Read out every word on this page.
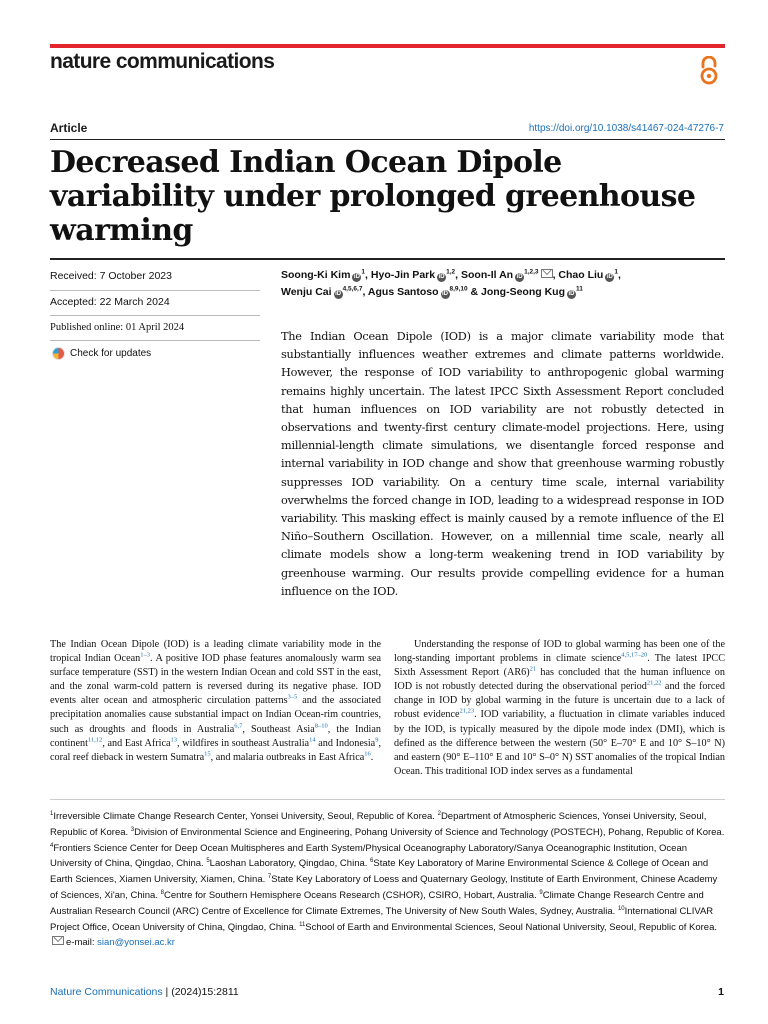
nature communications
Article	https://doi.org/10.1038/s41467-024-47276-7
Decreased Indian Ocean Dipole variability under prolonged greenhouse warming
Received: 7 October 2023
Accepted: 22 March 2024
Published online: 01 April 2024
Check for updates
Soong-Ki Kim $iD^1$, Hyo-Jin Park iD$^{1,2}$, Soon-Il An iD$^{1,2,3}$ , Chao Liu $iD^1$,
Wenju Cai iD$^{4,5,6,7}$, Agus Santoso iD$^{8,9,10}$ & Jong-Seong Kug $iD^{11}$

The Indian Ocean Dipole (IOD) is a major climate variability mode that substantially influences weather extremes and climate patterns worldwide. However, the response of IOD variability to anthropogenic global warming remains highly uncertain. The latest IPCC Sixth Assessment Report concluded that human influences on IOD variability are not robustly detected in observations and twenty-first century climate-model projections. Here, using millennial-length climate simulations, we disentangle forced response and internal variability in IOD change and show that greenhouse warming robustly suppresses IOD variability. On a century time scale, internal variability overwhelms the forced change in IOD, leading to a widespread response in IOD variability. This masking effect is mainly caused by a remote influence of the El Niño–Southern Oscillation. However, on a millennial time scale, nearly all climate models show a long-term weakening trend in IOD variability by greenhouse warming. Our results provide compelling evidence for a human influence on the IOD.

The Indian Ocean Dipole (IOD) is a leading climate variability mode in the tropical Indian Ocean$^{1-3}$. A positive IOD phase features anomalously warm sea surface temperature (SST) in the western Indian Ocean and cold SST in the east, and the zonal warm-cold pattern is reversed during its negative phase. IOD events alter ocean and atmospheric circulation patterns$^{3-5}$ and the associated precipitation anomalies cause substantial impact on Indian Ocean-rim countries, such as droughts and floods in Australia$^{6,7}$, Southeast Asia$^{8-10}$, the Indian continent$^{11,12}$, and East Africa$^{13}$, wildfires in southeast Australia$^{14}$ and Indonesia$^9$, coral reef dieback in western Sumatra$^{15}$, and malaria outbreaks in East Africa$^{16}$.

Understanding the response of IOD to global warming has been one of the long-standing important problems in climate science$^{4,5,17-20}$. The latest IPCC Sixth Assessment Report $(AR6)^{21}$ has concluded that the human influence on IOD is not robustly detected during the observational period$^{21,22}$ and the forced change in IOD by global warming in the future is uncertain due to a lack of robust evidence$^{21,23}$. IOD variability, a fluctuation in climate variables induced by the IOD, is typically measured by the dipole mode index (DMI), which is defined as the difference between the western (50° E–70° E and 10° S–10° N) and eastern (90° E–110° E and 10° S–0° N) SST anomalies of the tropical Indian Ocean. This traditional IOD index serves as a fundamental

$^1$Irreversible Climate Change Research Center, Yonsei University, Seoul, Republic of Korea. $^2$Department of Atmospheric Sciences, Yonsei University, Seoul, Republic of Korea. $^3$Division of Environmental Science and Engineering, Pohang University of Science and Technology (POSTECH), Pohang, Republic of Korea. $^4$Frontiers Science Center for Deep Ocean Multispheres and Earth System/Physical Oceanography Laboratory/Sanya Oceanographic Institution, Ocean University of China, Qingdao, China. $^5$Laoshan Laboratory, Qingdao, China. $^6$State Key Laboratory of Marine Environmental Science & College of Ocean and Earth Sciences, Xiamen University, Xiamen, China. $^7$State Key Laboratory of Loess and Quaternary Geology, Institute of Earth Environment, Chinese Academy of Sciences, Xi'an, China. $^8$Centre for Southern Hemisphere Oceans Research (CSHOR), CSIRO, Hobart, Australia. $^9$Climate Change Research Centre and Australian Research Council (ARC) Centre of Excellence for Climate Extremes, The University of New South Wales, Sydney, Australia. $^{10}$International CLIVAR Project Office, Ocean University of China, Qingdao, China. $^{11}$School of Earth and Environmental Sciences, Seoul National University, Seoul, Republic of Korea. e-mail: sian@yonsei.ac.kr

Nature Communications | (2024)15:2811	1
